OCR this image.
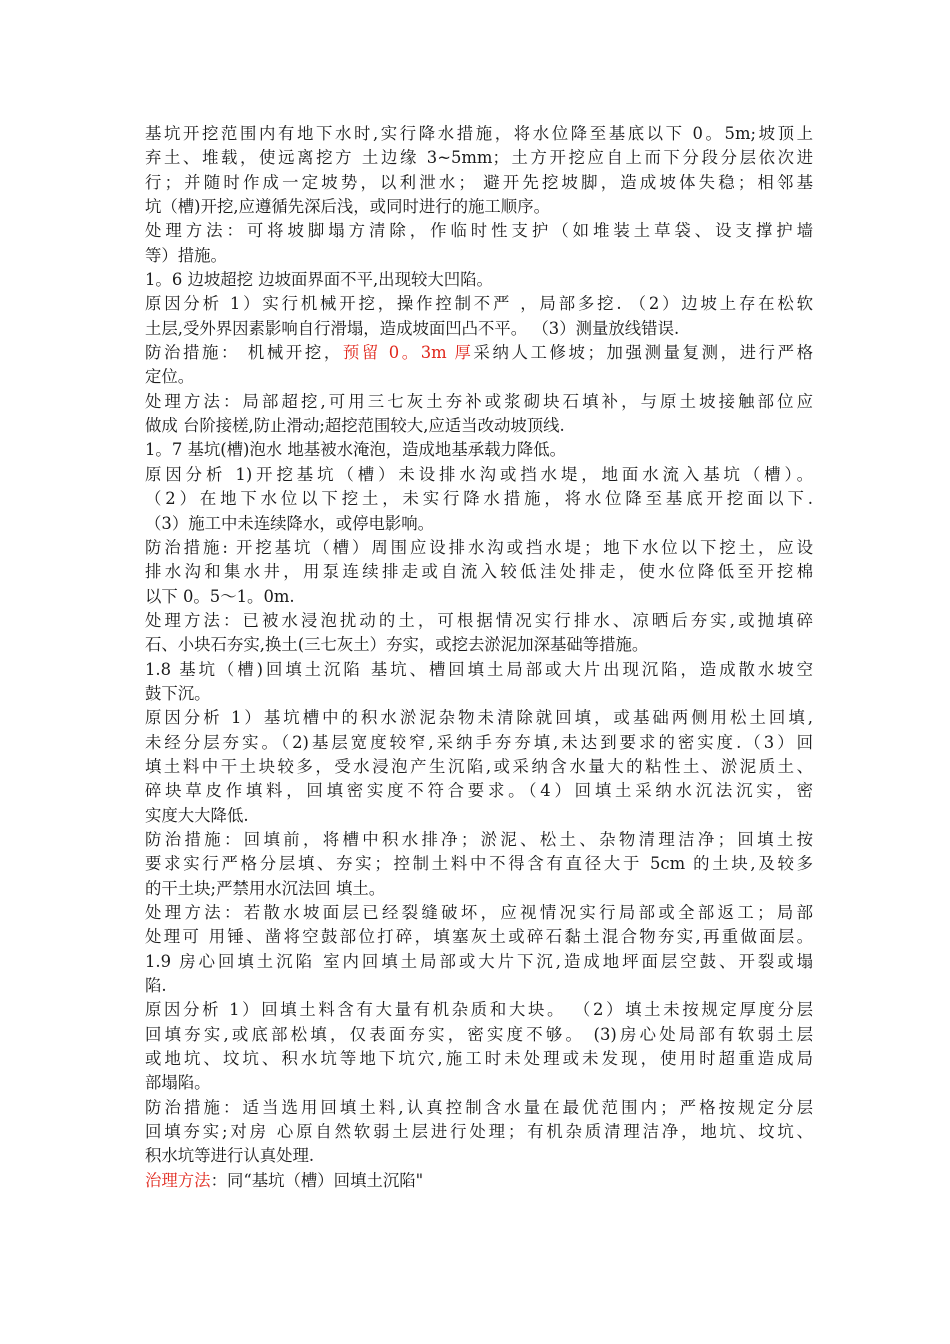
基坑开挖范围内有地下水时,实行降水措施，将水位降至基底以下 0。5m;坡顶上
弃土、堆载，使远离挖方 土边缘 3~5mm；土方开挖应自上而下分段分层依次进
行；并随时作成一定坡势，以利泄水； 避开先挖坡脚，造成坡体失稳；相邻基
坑（槽)开挖,应遵循先深后浅，或同时进行的施工顺序。
处理方法：可将坡脚塌方清除，作临时性支护（如堆装土草袋、设支撑护墙
等）措施。
1。6 边坡超挖 边坡面界面不平,出现较大凹陷。
原因分析 1）实行机械开挖，操作控制不严 ，局部多挖. （2）边坡上存在松软
土层,受外界因素影响自行滑塌，造成坡面凹凸不平。 （3）测量放线错误.
防治措施： 机械开挖，预留 0。3m 厚采纳人工修坡；加强测量复测，进行严格
定位。
处理方法：局部超挖,可用三七灰土夯补或浆砌块石填补，与原土坡接触部位应
做成 台阶接槎,防止滑动;超挖范围较大,应适当改动坡顶线.
1。7 基坑(槽)泡水 地基被水淹泡，造成地基承载力降低。
原因分析 1)开挖基坑（槽）未设排水沟或挡水堤，地面水流入基坑（槽）。
（2）在地下水位以下挖土，未实行降水措施，将水位降至基底开挖面以下.
（3）施工中未连续降水，或停电影响。
防治措施: 开挖基坑（槽）周围应设排水沟或挡水堤；地下水位以下挖土，应设
排水沟和集水井，用泵连续排走或自流入较低洼处排走，使水位降低至开挖棉
以下 0。5～1。0m.
处理方法：已被水浸泡扰动的土，可根据情况实行排水、凉晒后夯实,或抛填碎
石、小块石夯实,换土(三七灰土）夯实，或挖去淤泥加深基础等措施。
1.8 基坑（槽)回填土沉陷 基坑、槽回填土局部或大片出现沉陷，造成散水坡空
鼓下沉。
原因分析 1）基坑槽中的积水淤泥杂物未清除就回填，或基础两侧用松土回填,
未经分层夯实。（2)基层宽度较窄,采纳手夯夯填,未达到要求的密实度.（3）回
填土料中干土块较多，受水浸泡产生沉陷,或采纳含水量大的粘性土、淤泥质土、
碎块草皮作填料，回填密实度不符合要求。（4）回填土采纳水沉法沉实，密
实度大大降低.
防治措施：回填前，将槽中积水排净；淤泥、松土、杂物清理洁净；回填土按
要求实行严格分层填、夯实；控制土料中不得含有直径大于 5cm 的土块,及较多
的干土块;严禁用水沉法回 填土。
处理方法：若散水坡面层已经裂缝破坏，应视情况实行局部或全部返工；局部
处理可 用锤、凿将空鼓部位打碎，填塞灰土或碎石黏土混合物夯实,再重做面层。
1.9 房心回填土沉陷 室内回填土局部或大片下沉,造成地坪面层空鼓、开裂或塌
陷.
原因分析 1）回填土料含有大量有机杂质和大块。 （2）填土未按规定厚度分层
回填夯实,或底部松填，仅表面夯实，密实度不够。 (3)房心处局部有软弱土层
或地坑、坟坑、积水坑等地下坑穴,施工时未处理或未发现，使用时超重造成局
部塌陷。
防治措施：适当选用回填土料,认真控制含水量在最优范围内；严格按规定分层
回填夯实;对房 心原自然软弱土层进行处理；有机杂质清理洁净，地坑、坟坑、
积水坑等进行认真处理.
治理方法：同“基坑（槽）回填土沉陷"
